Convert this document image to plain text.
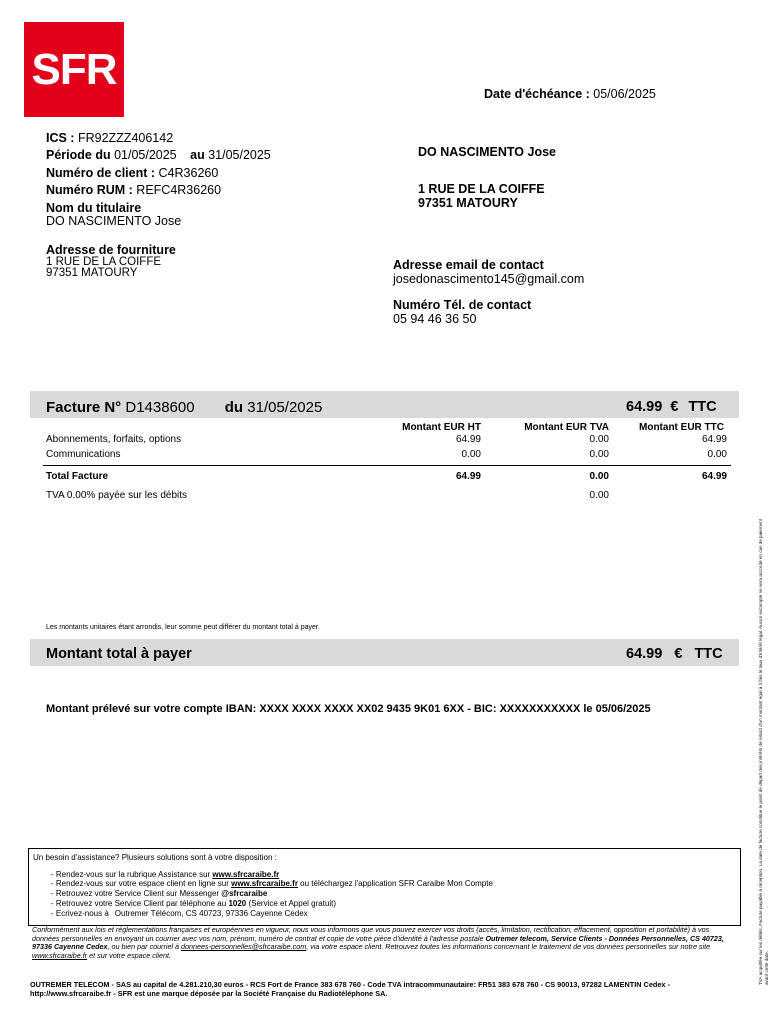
SFR
Date d'échéance : 05/06/2025
ICS : FR92ZZZ406142
Période du 01/05/2025 au 31/05/2025
Numéro de client : C4R36260
Numéro RUM : REFC4R36260
Nom du titulaire
DO NASCIMENTO Jose
Adresse de fourniture
1 RUE DE LA COIFFE
97351 MATOURY
DO NASCIMENTO Jose
1 RUE DE LA COIFFE
97351 MATOURY
Adresse email de contact
josedonascimento145@gmail.com
Numéro Tél. de contact
05 94 46 36 50
Facture N° D1438600 du 31/05/2025	64.99 € TTC
Montant EUR HT	Montant EUR TVA	Montant EUR TTC
Abonnements, forfaits, options	64.99	0.00	64.99
Communications	0.00	0.00	0.00
Total Facture	64.99	0.00	64.99
TVA 0.00% payée sur les débits	0.00
Les montants unitaires étant arrondis, leur somme peut différer du montant total à payer.
Montant total à payer	64.99 € TTC
Montant prélevé sur votre compte IBAN: XXXX XXXX XXXX XX02 9435 9K01 6XX - BIC: XXXXXXXXXXX le 05/06/2025	TVA acquittée sur les débits. Facture payable à réception. La date de facture constitue le point de départ des intérêts de retard d'un montant égal à 3 fois le taux d'intérêt légal. Aucun escompte ne sera accordé en cas de paiement avant cette date.
Un besoin d'assistance? Plusieurs solutions sont à votre disposition :
- Rendez-vous sur la rubrique Assistance sur www.sfrcaraibe.fr
- Rendez-vous sur votre espace client en ligne sur www.sfrcaraibe.fr ou téléchargez l'application SFR Caraibe Mon Compte
- Retrouvez votre Service Client sur Messenger @sfrcaraibe
- Retrouvez votre Service Client par téléphone au 1020 (Service et Appel gratuit)
- Ecrivez-nous à Outremer Télécom, CS 40723, 97336 Cayenne Cedex
Conformément aux lois et réglementations françaises et européennes en vigueur, nous vous informons que vous pouvez exercer vos droits (accès, limitation, rectification, effacement, opposition et portabilité) à vos données personnelles en envoyant un courrier avec vos nom, prénom, numéro de contrat et copie de votre pièce d'identité à l'adresse postale Outremer telecom, Service Clients - Données Personnelles, CS 40723, 97336 Cayenne Cedex, ou bien par courriel à donnees-personnelles@sfrcaraibe.com, via votre espace client. Retrouvez toutes les informations concernant le traitement de vos données personnelles sur notre site www.sfrcaraibe.fr et sur votre espace client.
OUTREMER TELECOM - SAS au capital de 4.281.210,30 euros - RCS Fort de France 383 678 760 - Code TVA intracommunautaire: FR51 383 678 760 - CS 90013, 97282 LAMENTIN Cedex - http://www.sfrcaraibe.fr - SFR est une marque déposée par la Société Française du Radiotéléphone SA.
